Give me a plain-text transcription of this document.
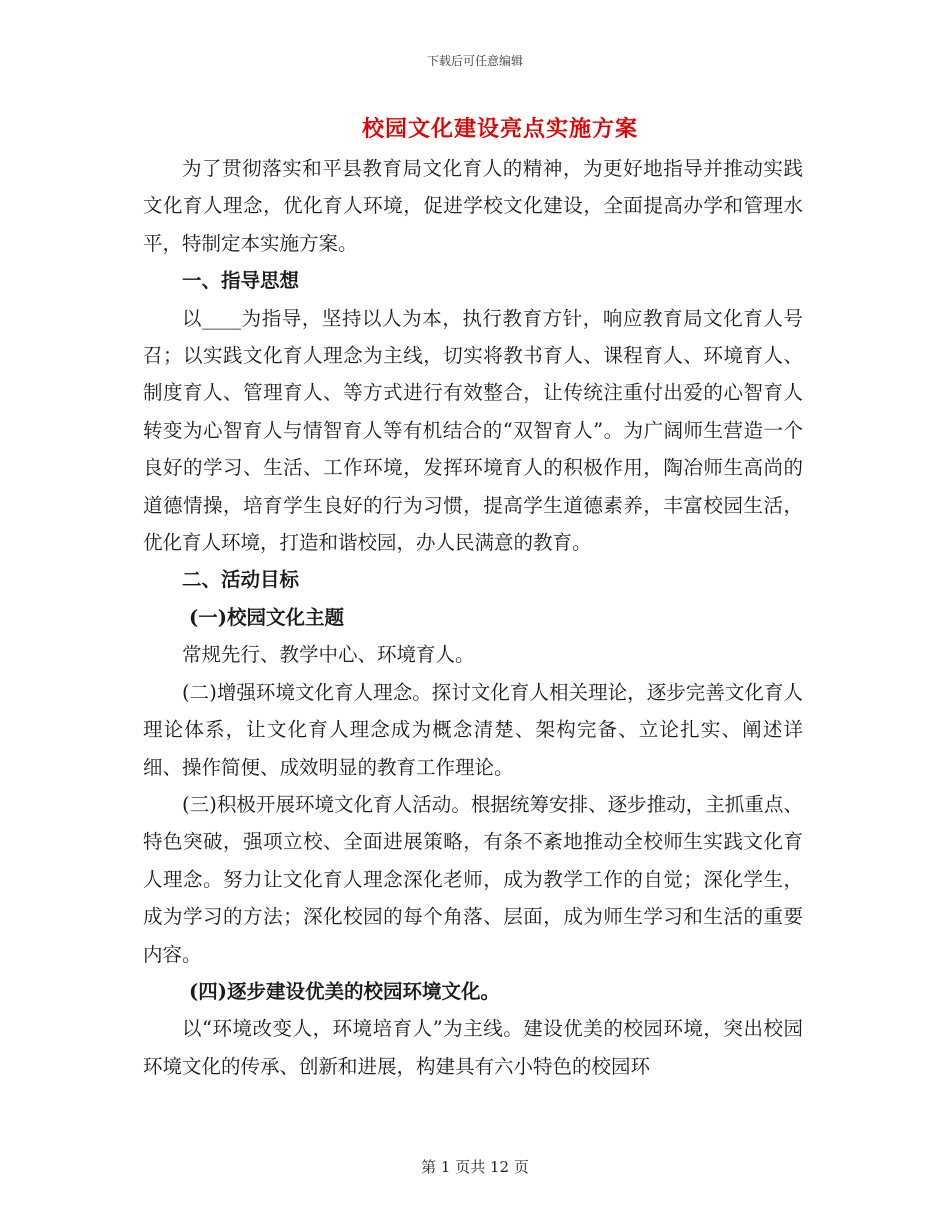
下载后可任意编辑
校园文化建设亮点实施方案

为了贯彻落实和平县教育局文化育人的精神，为更好地指导并推动实践文化育人理念，优化育人环境，促进学校文化建设，全面提高办学和管理水平，特制定本实施方案。

一、指导思想

以____为指导，坚持以人为本，执行教育方针，响应教育局文化育人号召；以实践文化育人理念为主线，切实将教书育人、课程育人、环境育人、制度育人、管理育人、等方式进行有效整合，让传统注重付出爱的心智育人转变为心智育人与情智育人等有机结合的“双智育人”。为广阔师生营造一个良好的学习、生活、工作环境，发挥环境育人的积极作用，陶冶师生高尚的道德情操，培育学生良好的行为习惯，提高学生道德素养，丰富校园生活，优化育人环境，打造和谐校园，办人民满意的教育。

二、活动目标
(一)校园文化主题

常规先行、教学中心、环境育人。

(二)增强环境文化育人理念。探讨文化育人相关理论，逐步完善文化育人理论体系，让文化育人理念成为概念清楚、架构完备、立论扎实、阐述详细、操作简便、成效明显的教育工作理论。

(三)积极开展环境文化育人活动。根据统筹安排、逐步推动，主抓重点、特色突破，强项立校、全面进展策略，有条不紊地推动全校师生实践文化育人理念。努力让文化育人理念深化老师，成为教学工作的自觉；深化学生，成为学习的方法；深化校园的每个角落、层面，成为师生学习和生活的重要内容。

(四)逐步建设优美的校园环境文化。

以“环境改变人，环境培育人”为主线。建设优美的校园环境，突出校园环境文化的传承、创新和进展，构建具有六小特色的校园环

第 1 页共 12 页
